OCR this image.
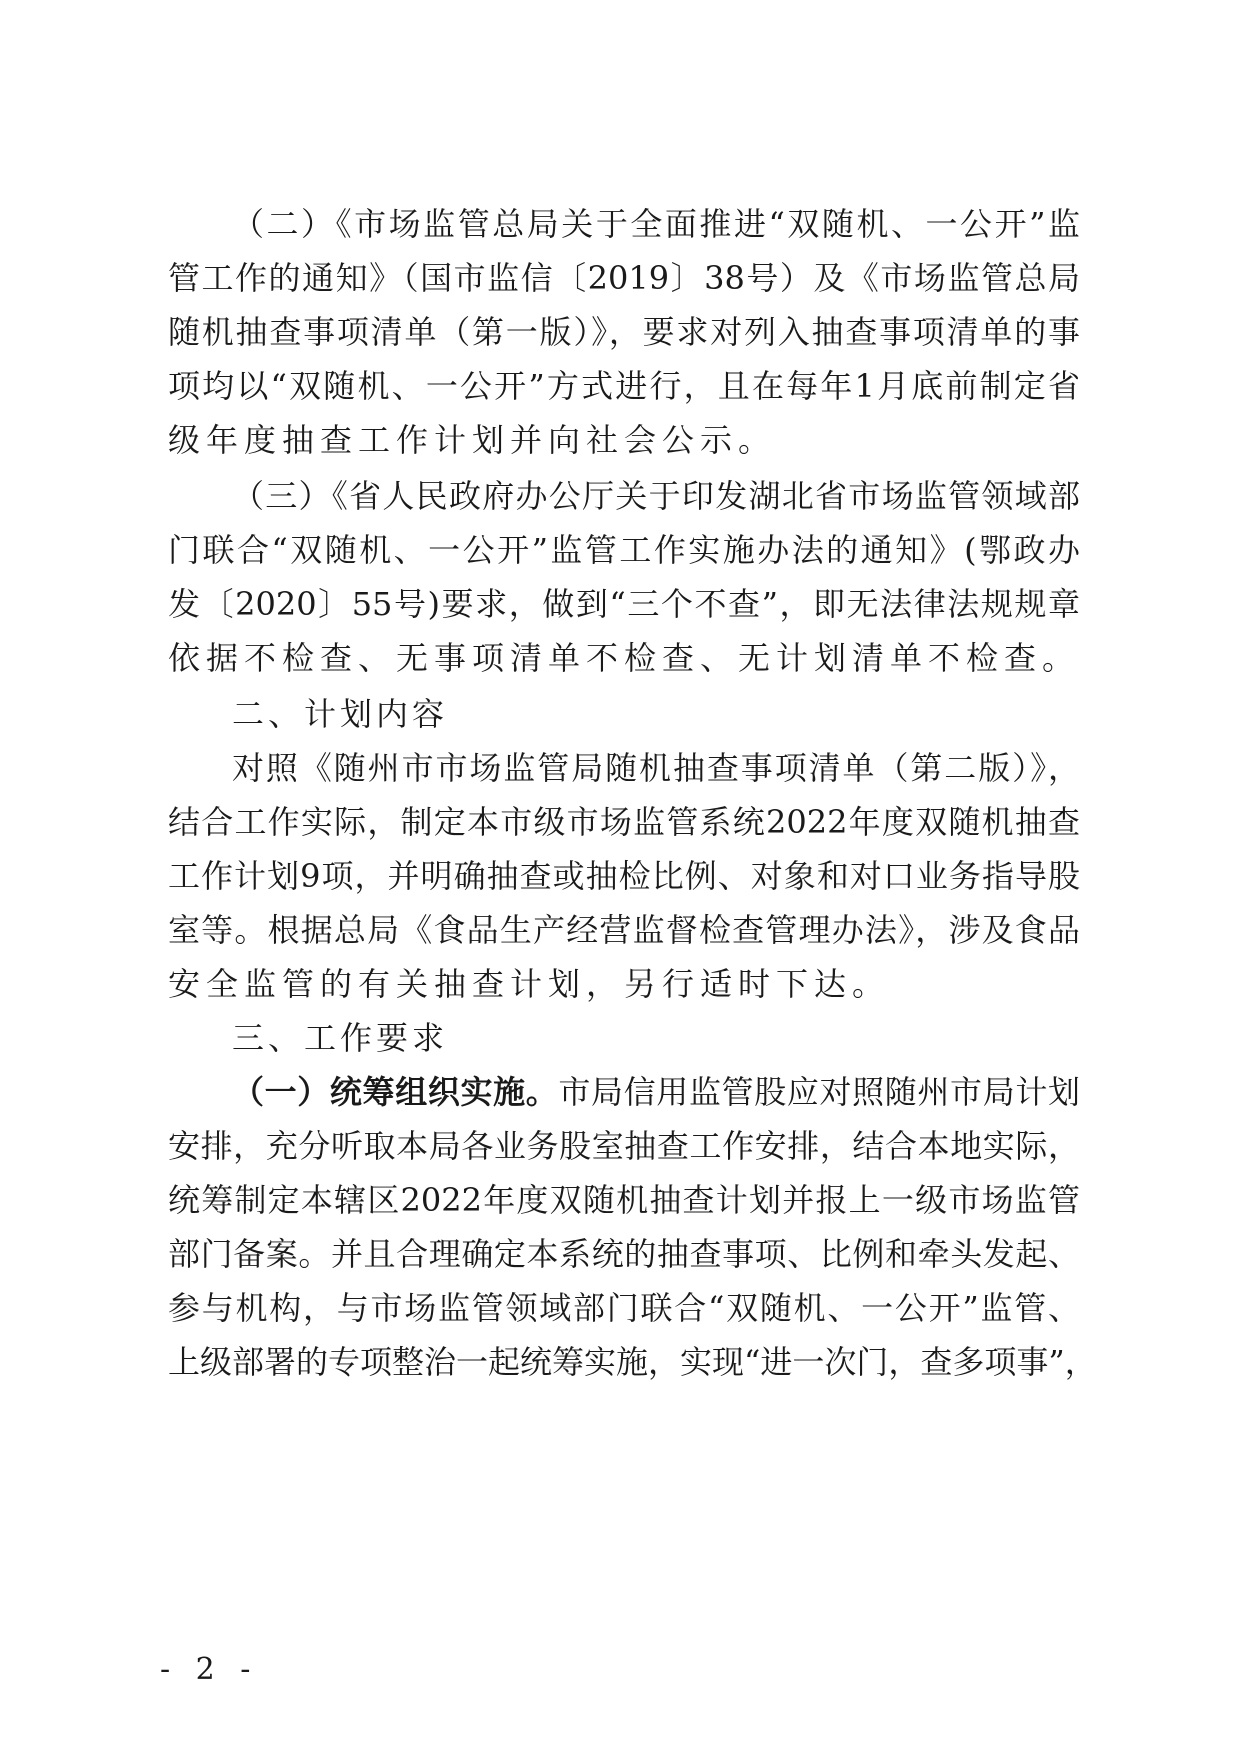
（二）《市场监管总局关于全面推进“双随机、一公开”监
管工作的通知》（国市监信〔2019〕38号）及《市场监管总局
随机抽查事项清单（第一版）》，要求对列入抽查事项清单的事
项均以“双随机、一公开”方式进行，且在每年1月底前制定省
级年度抽查工作计划并向社会公示。
（三）《省人民政府办公厅关于印发湖北省市场监管领域部
门联合“双随机、一公开”监管工作实施办法的通知》(鄂政办
发〔2020〕55号)要求，做到“三个不查”，即无法律法规规章
依据不检查、无事项清单不检查、无计划清单不检查。
二、计划内容
对照《随州市市场监管局随机抽查事项清单（第二版）》，
结合工作实际，制定本市级市场监管系统2022年度双随机抽查
工作计划9项，并明确抽查或抽检比例、对象和对口业务指导股
室等。根据总局《食品生产经营监督检查管理办法》，涉及食品
安全监管的有关抽查计划，另行适时下达。
三、工作要求
（一）统筹组织实施。市局信用监管股应对照随州市局计划
安排，充分听取本局各业务股室抽查工作安排，结合本地实际，
统筹制定本辖区2022年度双随机抽查计划并报上一级市场监管
部门备案。并且合理确定本系统的抽查事项、比例和牵头发起、
参与机构，与市场监管领域部门联合“双随机、一公开”监管、
上级部署的专项整治一起统筹实施，实现“进一次门，查多项事”，
- 2 -
